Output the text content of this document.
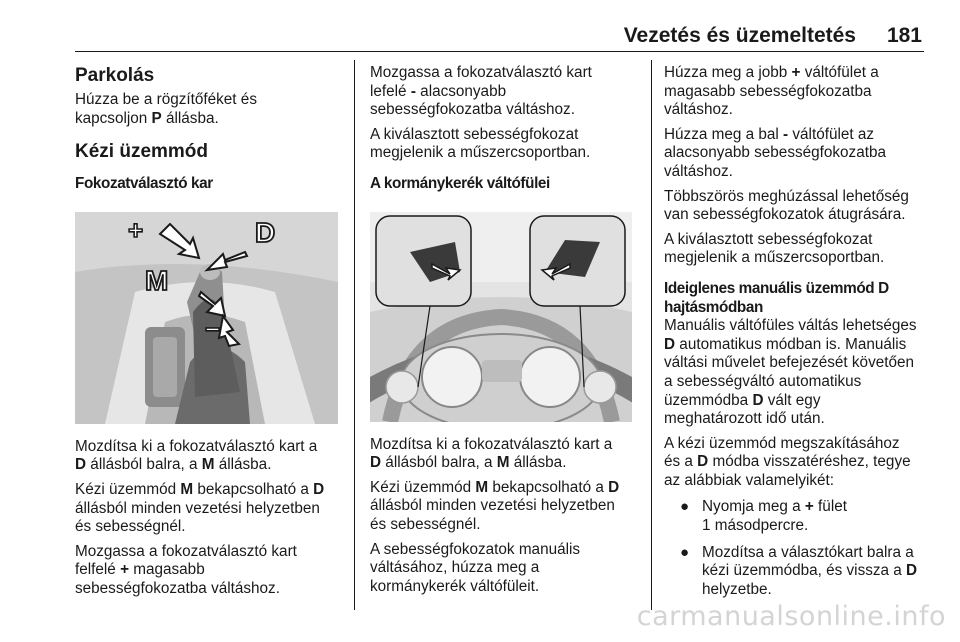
Vezetés és üzemeltetés 181
Parkolás

Húzza be a rögzítőféket és
kapcsoljon P állásba.

Kézi üzemmód
Fokozatválasztó kar
+	D
M
−

Mozdítsa ki a fokozatválasztó kart a
D állásból balra, a M állásba.

Kézi üzemmód M bekapcsolható a D
állásból minden vezetési helyzetben
és sebességnél.

Mozgassa a fokozatválasztó kart
felfelé + magasabb
sebességfokozatba váltáshoz.

Mozgassa a fokozatválasztó kart
lefelé - alacsonyabb
sebességfokozatba váltáshoz.

A kiválasztott sebességfokozat
megjelenik a műszercsoportban.

A kormánykerék váltófülei

Mozdítsa ki a fokozatválasztó kart a
D állásból balra, a M állásba.

Kézi üzemmód M bekapcsolható a D
állásból minden vezetési helyzetben
és sebességnél.

A sebességfokozatok manuális
váltásához, húzza meg a
kormánykerék váltófüleit.

Húzza meg a jobb + váltófület a
magasabb sebességfokozatba
váltáshoz.

Húzza meg a bal - váltófület az
alacsonyabb sebességfokozatba
váltáshoz.

Többszörös meghúzással lehetőség
van sebességfokozatok átugrására.

A kiválasztott sebességfokozat
megjelenik a műszercsoportban.

Ideiglenes manuális üzemmód D
hajtásmódban

Manuális váltófüles váltás lehetséges
D automatikus módban is. Manuális
váltási művelet befejezését követően
a sebességváltó automatikus
üzemmódba D vált egy
meghatározott idő után.

A kézi üzemmód megszakításához
és a D módba visszatéréshez, tegye
az alábbiak valamelyikét:

● Nyomja meg a + fület
1 másodpercre.
● Mozdítsa a választókart balra a
kézi üzemmódba, és vissza a D
helyzetbe.
carmanualsonline.info
